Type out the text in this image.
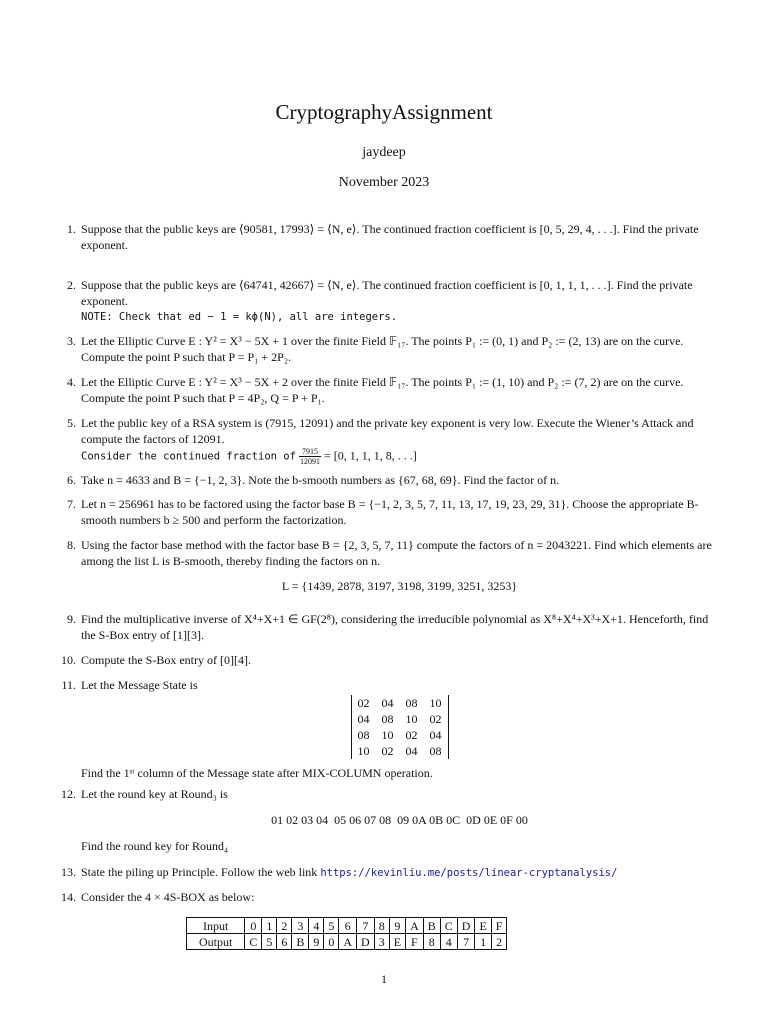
CryptographyAssignment
jaydeep
November 2023
1. Suppose that the public keys are ⟨90581, 17993⟩ = ⟨N, e⟩. The continued fraction coefficient is [0, 5, 29, 4, . . .]. Find the private exponent.
2. Suppose that the public keys are ⟨64741, 42667⟩ = ⟨N, e⟩. The continued fraction coefficient is [0, 1, 1, 1, . . .]. Find the private exponent.
NOTE: Check that ed − 1 = kϕ(N), all are integers.
3. Let the Elliptic Curve E : Y² = X³ − 5X + 1 over the finite Field 𝔽₁₇. The points P₁ := (0, 1) and P₂ := (2, 13) are on the curve. Compute the point P such that P = P₁ + 2P₂.
4. Let the Elliptic Curve E : Y² = X³ − 5X + 2 over the finite Field 𝔽₁₇. The points P₁ := (1, 10) and P₂ := (7, 2) are on the curve. Compute the point P such that P = 4P₂, Q = P + P₁.
5. Let the public key of a RSA system is (7915, 12091) and the private key exponent is very low. Execute the Wiener’s Attack and compute the factors of 12091.
Consider the continued fraction of $\frac{7915}{12091} = [0$, 1, 1, 1, 8, . . .]
6. Take n = 4633 and B = {−1, 2, 3}. Note the b-smooth numbers as {67, 68, 69}. Find the factor of n.
7. Let n = 256961 has to be factored using the factor base B = {−1, 2, 3, 5, 7, 11, 13, 17, 19, 23, 29, 31}. Choose the appropriate B-smooth numbers b ≥ 500 and perform the factorization.
8. Using the factor base method with the factor base B = {2, 3, 5, 7, 11} compute the factors of n = 2043221. Find which elements are among the list L is B-smooth, thereby finding the factors on n.
L = {1439, 2878, 3197, 3198, 3199, 3251, 3253}
9. Find the multiplicative inverse of X⁴+X+1 ∈ GF(2⁸), considering the irreducible polynomial as X⁸+X⁴+X³+X+1. Henceforth, find the S-Box entry of [1][3].
10. Compute the S-Box entry of [0][4].
11. Let the Message State is
02	04	08	10
04	08	10	02
08	10	02	04
10	02	04	08
Find the 1ˢᵗ column of the Message state after MIX-COLUMN operation.
12. Let the round key at Round₃ is
01 02 03 04  05 06 07 08  09 0A 0B 0C  0D 0E 0F 00
Find the round key for Round₄
13. State the piling up Principle. Follow the web link https://kevinliu.me/posts/linear-cryptanalysis/
14. Consider the 4 × 4S-BOX as below:
Input	0	1	2	3	4	5	6	7	8	9	A	B	C	D	E	F
Output	C	5	6	B	9	0	A	D	3	E	F	8	4	7	1	2
1
